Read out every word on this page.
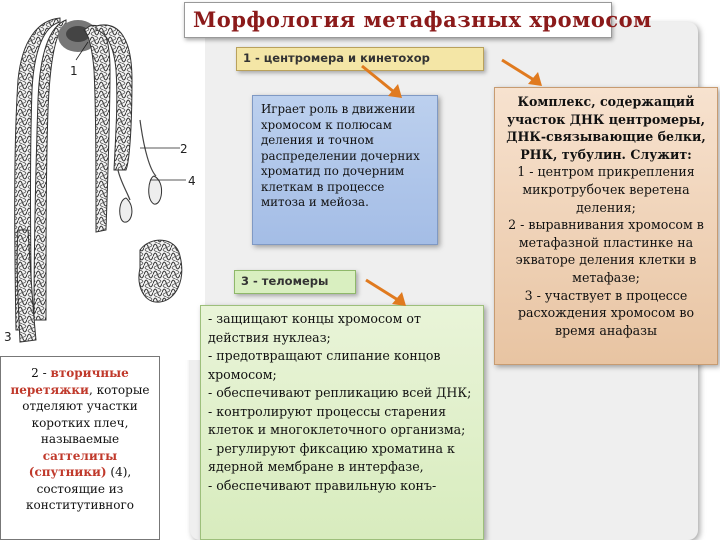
1
2
3
4
Морфология метафазных хромосом
1 - центромера и кинетохор
Играет роль в движении хромосом к полюсам деления и точном распределении дочерних хроматид по дочерним клеткам в процессе митоза и мейоза.
3 - теломеры

- защищают концы хромосом от действия нуклеаз;

- предотвращают слипание концов хромосом;

- обеспечивают репликацию всей ДНК;

- контролируют процессы старения клеток и многоклеточного организма;

- регулируют фиксацию хроматина к ядерной мембране в интерфазе,

- обеспечивают правильную конъ-

Комплекс, содержащий участок ДНК центромеры, ДНК-связывающие белки, РНК, тубулин. Служит:

1 - центром прикрепления микротрубочек веретена деления;

2 - выравнивания хромосом в метафазной пластинке на экваторе деления клетки в метафазе;

3 - участвует в процессе расхождения хромосом во время анафазы

2 - вторичные перетяжки, которые отделяют участки коротких плеч, называемые саттелиты (спутники) (4), состоящие из конститутивного
